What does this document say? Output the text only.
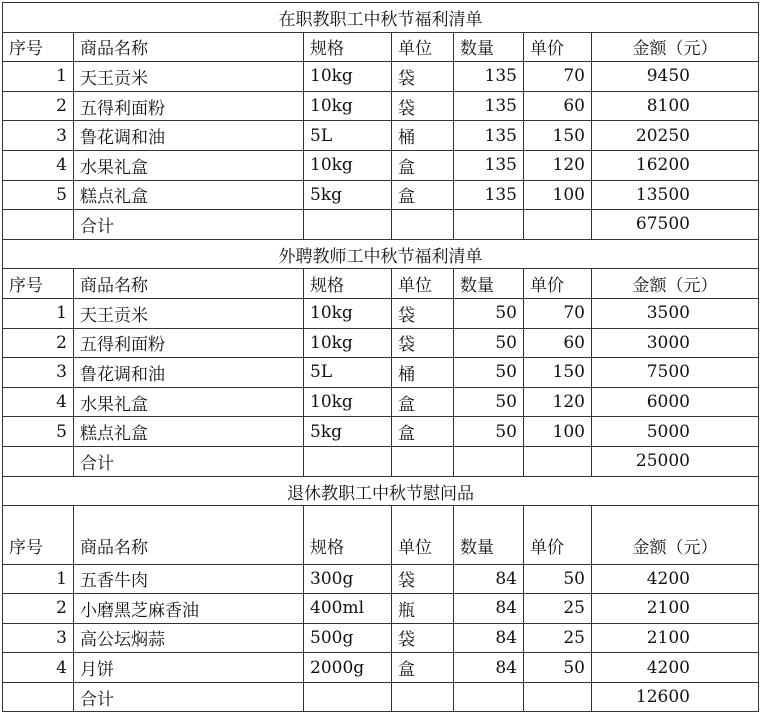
在职教职工中秋节福利清单						
序号	商品名称	规格	单位	数量	单价	金额（元）
1	天王贡米	10kg	袋	135	70	9450
2	五得利面粉	10kg	袋	135	60	8100
3	鲁花调和油	5L	桶	135	150	20250
4	水果礼盒	10kg	盒	135	120	16200
5	糕点礼盒	5kg	盒	135	100	13500
	合计					67500
外聘教师工中秋节福利清单						
序号	商品名称	规格	单位	数量	单价	金额（元）
1	天王贡米	10kg	袋	50	70	3500
2	五得利面粉	10kg	袋	50	60	3000
3	鲁花调和油	5L	桶	50	150	7500
4	水果礼盒	10kg	盒	50	120	6000
5	糕点礼盒	5kg	盒	50	100	5000
	合计					25000
退休教职工中秋节慰问品						
序号	商品名称	规格	单位	数量	单价	金额（元）
1	五香牛肉	300g	袋	84	50	4200
2	小磨黑芝麻香油	400ml	瓶	84	25	2100
3	高公坛焖蒜	500g	袋	84	25	2100
4	月饼	2000g	盒	84	50	4200
	合计					12600
